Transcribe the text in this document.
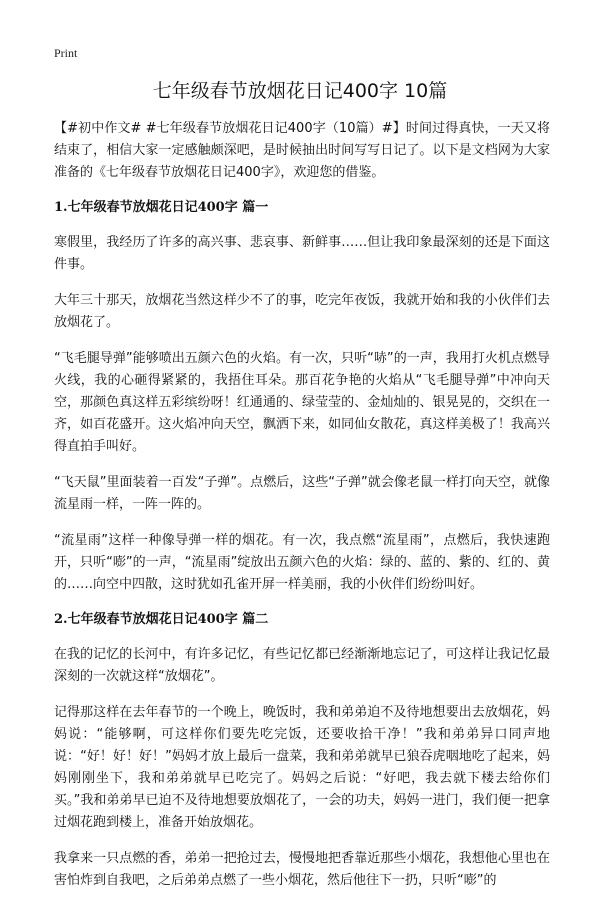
Print
七年级春节放烟花日记400字 10篇

【#初中作文# #七年级春节放烟花日记400字（10篇）#】时间过得真快，一天又将结束了，相信大家一定感触颇深吧，是时候抽出时间写写日记了。以下是文档网为大家准备的《七年级春节放烟花日记400字》，欢迎您的借鉴。

1.七年级春节放烟花日记400字 篇一

寒假里，我经历了许多的高兴事、悲哀事、新鲜事……但让我印象最深刻的还是下面这件事。

大年三十那天，放烟花当然这样少不了的事，吃完年夜饭，我就开始和我的小伙伴们去放烟花了。

“飞毛腿导弹”能够喷出五颜六色的火焰。有一次，只听“哧”的一声，我用打火机点燃导火线，我的心砸得紧紧的，我捂住耳朵。那百花争艳的火焰从“飞毛腿导弹”中冲向天空，那颜色真这样五彩缤纷呀！红通通的、绿莹莹的、金灿灿的、银晃晃的，交织在一齐，如百花盛开。这火焰冲向天空，飘洒下来，如同仙女散花，真这样美极了！我高兴得直拍手叫好。

“飞天鼠”里面装着一百发“子弹”。点燃后，这些“子弹”就会像老鼠一样打向天空，就像流星雨一样，一阵一阵的。

“流星雨”这样一种像导弹一样的烟花。有一次，我点燃“流星雨”，点燃后，我快速跑开，只听“嘭”的一声，“流星雨”绽放出五颜六色的火焰：绿的、蓝的、紫的、红的、黄的……向空中四散，这时犹如孔雀开屏一样美丽，我的小伙伴们纷纷叫好。

2.七年级春节放烟花日记400字 篇二

在我的记忆的长河中，有许多记忆，有些记忆都已经渐渐地忘记了，可这样让我记忆最深刻的一次就这样“放烟花”。

记得那这样在去年春节的一个晚上，晚饭时，我和弟弟迫不及待地想要出去放烟花，妈妈说：“能够啊，可这样你们要先吃完饭，还要收拾干净！”我和弟弟异口同声地说：“好！好！好！”妈妈才放上最后一盘菜，我和弟弟就早已狼吞虎咽地吃了起来，妈妈刚刚坐下，我和弟弟就早已吃完了。妈妈之后说：“好吧，我去就下楼去给你们买。”我和弟弟早已迫不及待地想要放烟花了，一会的功夫，妈妈一进门，我们便一把拿过烟花跑到楼上，准备开始放烟花。

我拿来一只点燃的香，弟弟一把抢过去，慢慢地把香靠近那些小烟花，我想他心里也在害怕炸到自我吧，之后弟弟点燃了一些小烟花，然后他往下一扔，只听“嘭”的
